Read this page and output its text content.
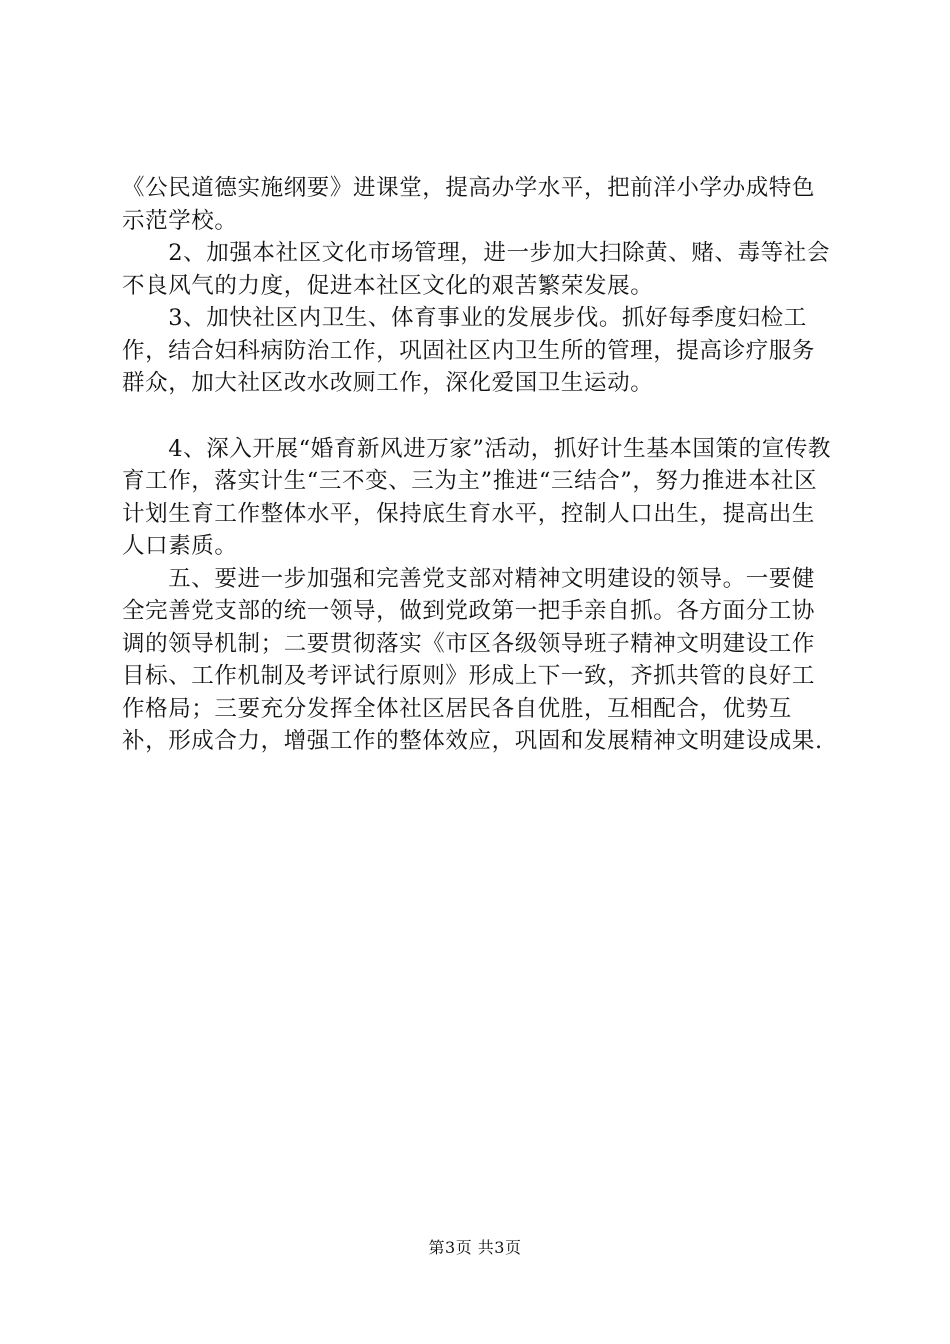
《公民道德实施纲要》进课堂，提高办学水平，把前洋小学办成特色示范学校。

　　2、加强本社区文化市场管理，进一步加大扫除黄、赌、毒等社会不良风气的力度，促进本社区文化的艰苦繁荣发展。

　　3、加快社区内卫生、体育事业的发展步伐。抓好每季度妇检工作，结合妇科病防治工作，巩固社区内卫生所的管理，提高诊疗服务群众，加大社区改水改厕工作，深化爱国卫生运动。

　　4、深入开展“婚育新风进万家”活动，抓好计生基本国策的宣传教育工作，落实计生“三不变、三为主”推进“三结合”，努力推进本社区计划生育工作整体水平，保持底生育水平，控制人口出生，提高出生人口素质。

　　五、要进一步加强和完善党支部对精神文明建设的领导。一要健全完善党支部的统一领导，做到党政第一把手亲自抓。各方面分工协调的领导机制；二要贯彻落实《市区各级领导班子精神文明建设工作目标、工作机制及考评试行原则》形成上下一致，齐抓共管的良好工作格局；三要充分发挥全体社区居民各自优胜，互相配合，优势互补，形成合力，增强工作的整体效应，巩固和发展精神文明建设成果.

第3页 共3页
